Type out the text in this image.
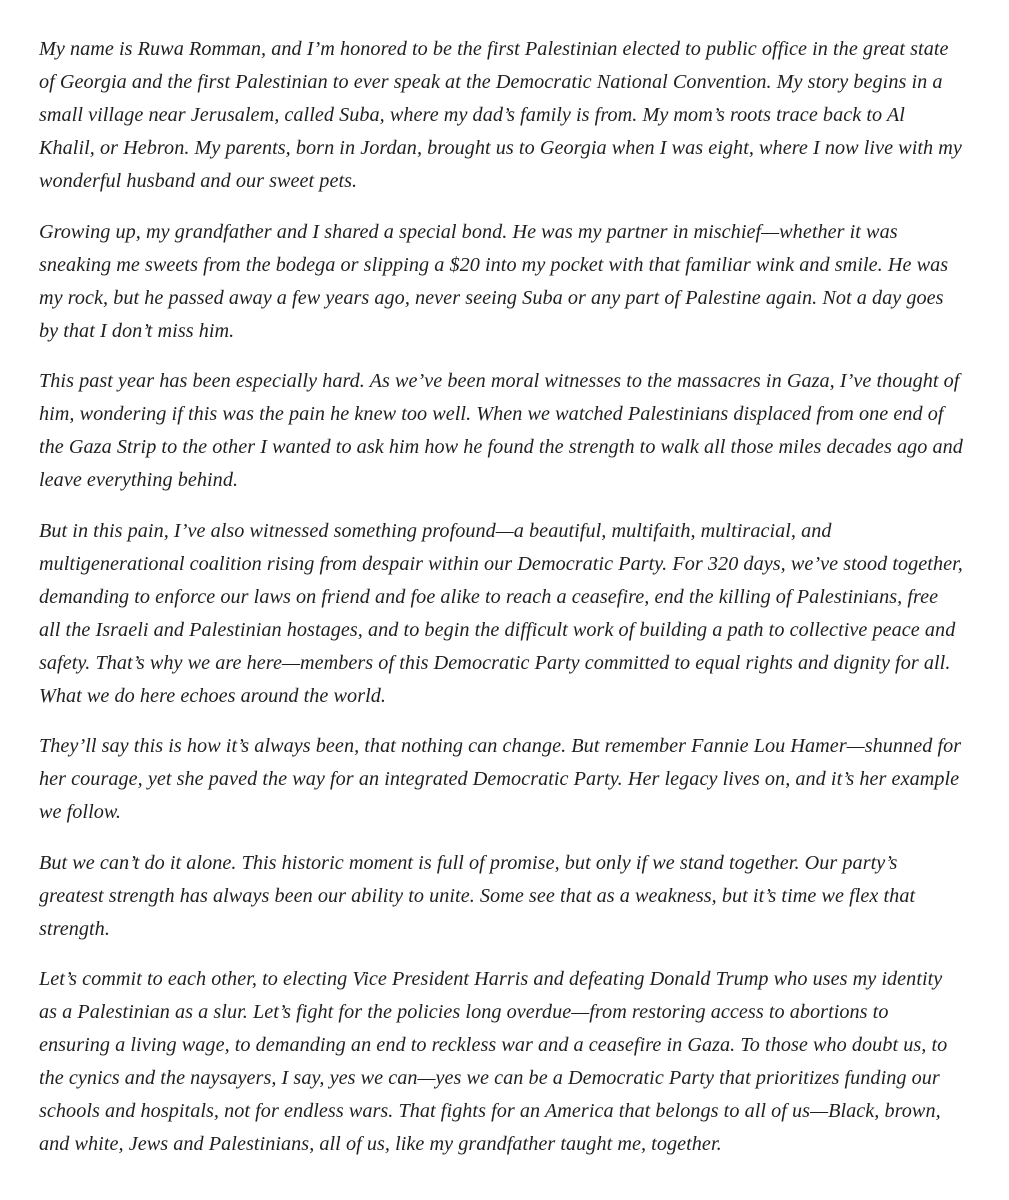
My name is Ruwa Romman, and I’m honored to be the first Palestinian elected to public office in the great state of Georgia and the first Palestinian to ever speak at the Democratic National Convention. My story begins in a small village near Jerusalem, called Suba, where my dad’s family is from. My mom’s roots trace back to Al Khalil, or Hebron. My parents, born in Jordan, brought us to Georgia when I was eight, where I now live with my wonderful husband and our sweet pets.

Growing up, my grandfather and I shared a special bond. He was my partner in mischief—whether it was sneaking me sweets from the bodega or slipping a $20 into my pocket with that familiar wink and smile. He was my rock, but he passed away a few years ago, never seeing Suba or any part of Palestine again. Not a day goes by that I don’t miss him.

This past year has been especially hard. As we’ve been moral witnesses to the massacres in Gaza, I’ve thought of him, wondering if this was the pain he knew too well. When we watched Palestinians displaced from one end of the Gaza Strip to the other I wanted to ask him how he found the strength to walk all those miles decades ago and leave everything behind.

But in this pain, I’ve also witnessed something profound—a beautiful, multifaith, multiracial, and multigenerational coalition rising from despair within our Democratic Party. For 320 days, we’ve stood together, demanding to enforce our laws on friend and foe alike to reach a ceasefire, end the killing of Palestinians, free all the Israeli and Palestinian hostages, and to begin the difficult work of building a path to collective peace and safety. That’s why we are here—members of this Democratic Party committed to equal rights and dignity for all. What we do here echoes around the world.

They’ll say this is how it’s always been, that nothing can change. But remember Fannie Lou Hamer—shunned for her courage, yet she paved the way for an integrated Democratic Party. Her legacy lives on, and it’s her example we follow.

But we can’t do it alone. This historic moment is full of promise, but only if we stand together. Our party’s greatest strength has always been our ability to unite. Some see that as a weakness, but it’s time we flex that strength.

Let’s commit to each other, to electing Vice President Harris and defeating Donald Trump who uses my identity as a Palestinian as a slur. Let’s fight for the policies long overdue—from restoring access to abortions to ensuring a living wage, to demanding an end to reckless war and a ceasefire in Gaza. To those who doubt us, to the cynics and the naysayers, I say, yes we can—yes we can be a Democratic Party that prioritizes funding our schools and hospitals, not for endless wars. That fights for an America that belongs to all of us—Black, brown, and white, Jews and Palestinians, all of us, like my grandfather taught me, together.
